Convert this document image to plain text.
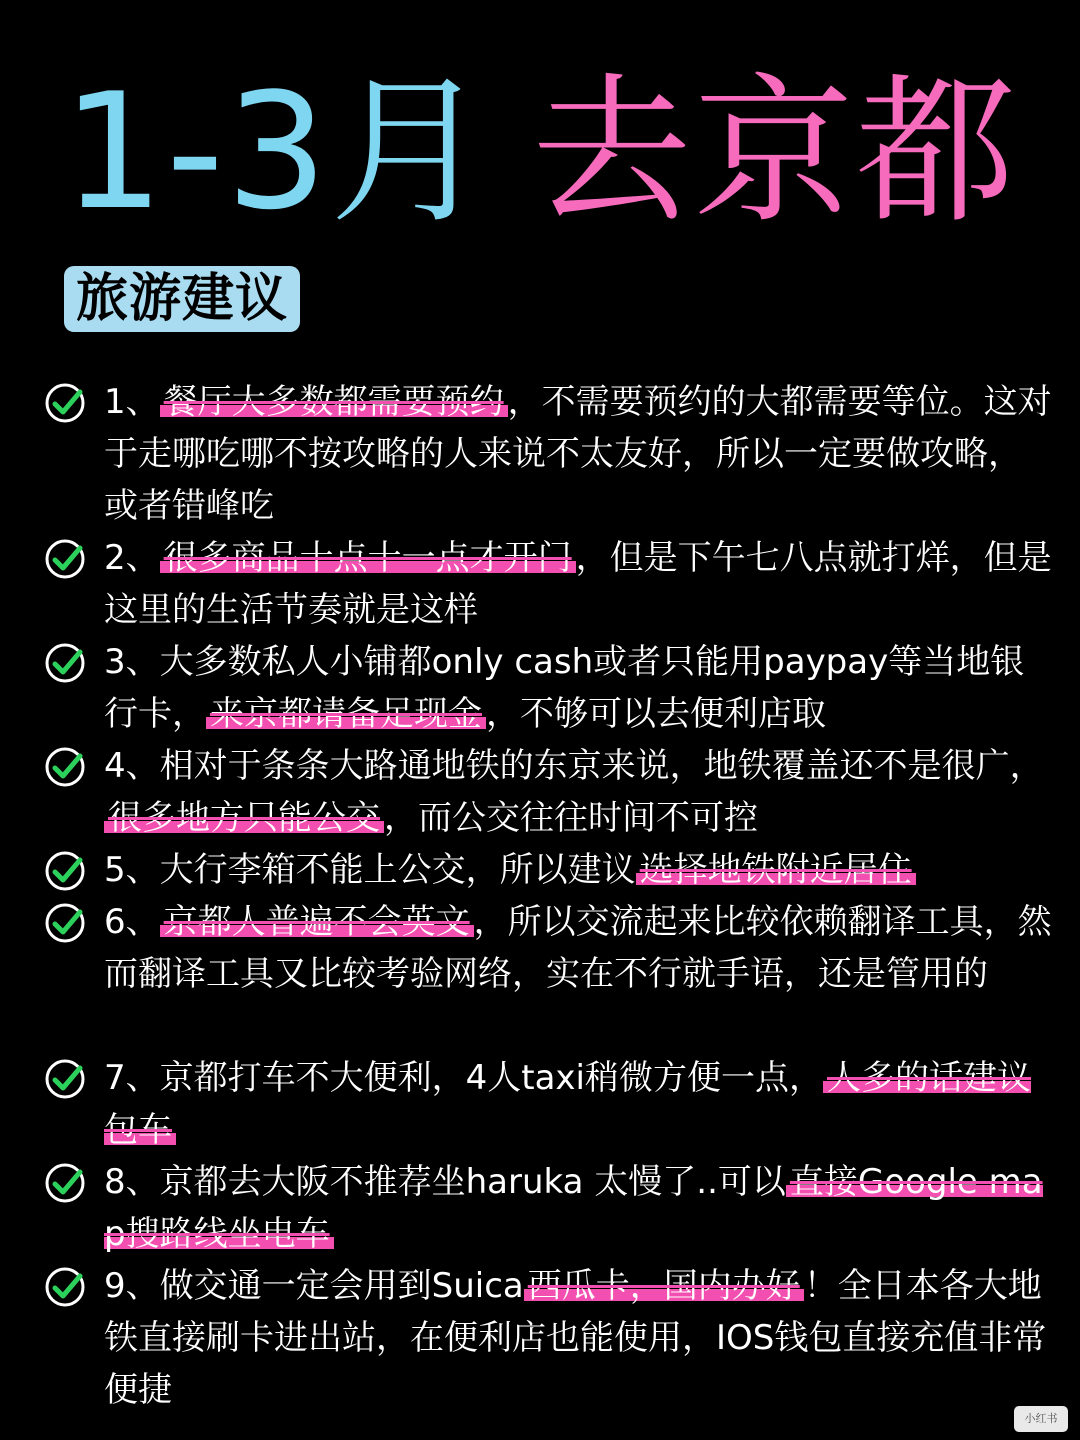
1-3月 去京都
旅游建议
1、 餐厅大多数都需要预约 ，不需要预约的大都需要等位。这对于走哪吃哪不按攻略的人来说不太友好，所以一定要做攻略，或者错峰吃
2、 很多商品十点十一点才开门 ，但是下午七八点就打烊，但是这里的生活节奏就是这样
3、大多数私人小铺都only cash或者只能用paypay等当地银行卡， 来京都请备足现金 ，不够可以去便利店取
4、相对于条条大路通地铁的东京来说，地铁覆盖还不是很广，很多地方只能公交 ，而公交往往时间不可控
5、大行李箱不能上公交，所以建议 选择地铁附近居住
6、 京都人普遍不会英文 ，所以交流起来比较依赖翻译工具，然而翻译工具又比较考验网络，实在不行就手语，还是管用的
7、京都打车不大便利，4人taxi稍微方便一点， 人多的话建议包车
8、京都去大阪不推荐坐haruka 太慢了..可以 直接Google map搜路线坐电车
9、做交通一定会用到Suica 西瓜卡，国内办好 ！全日本各大地铁直接刷卡进出站，在便利店也能使用，IOS钱包直接充值非常便捷
小红书
